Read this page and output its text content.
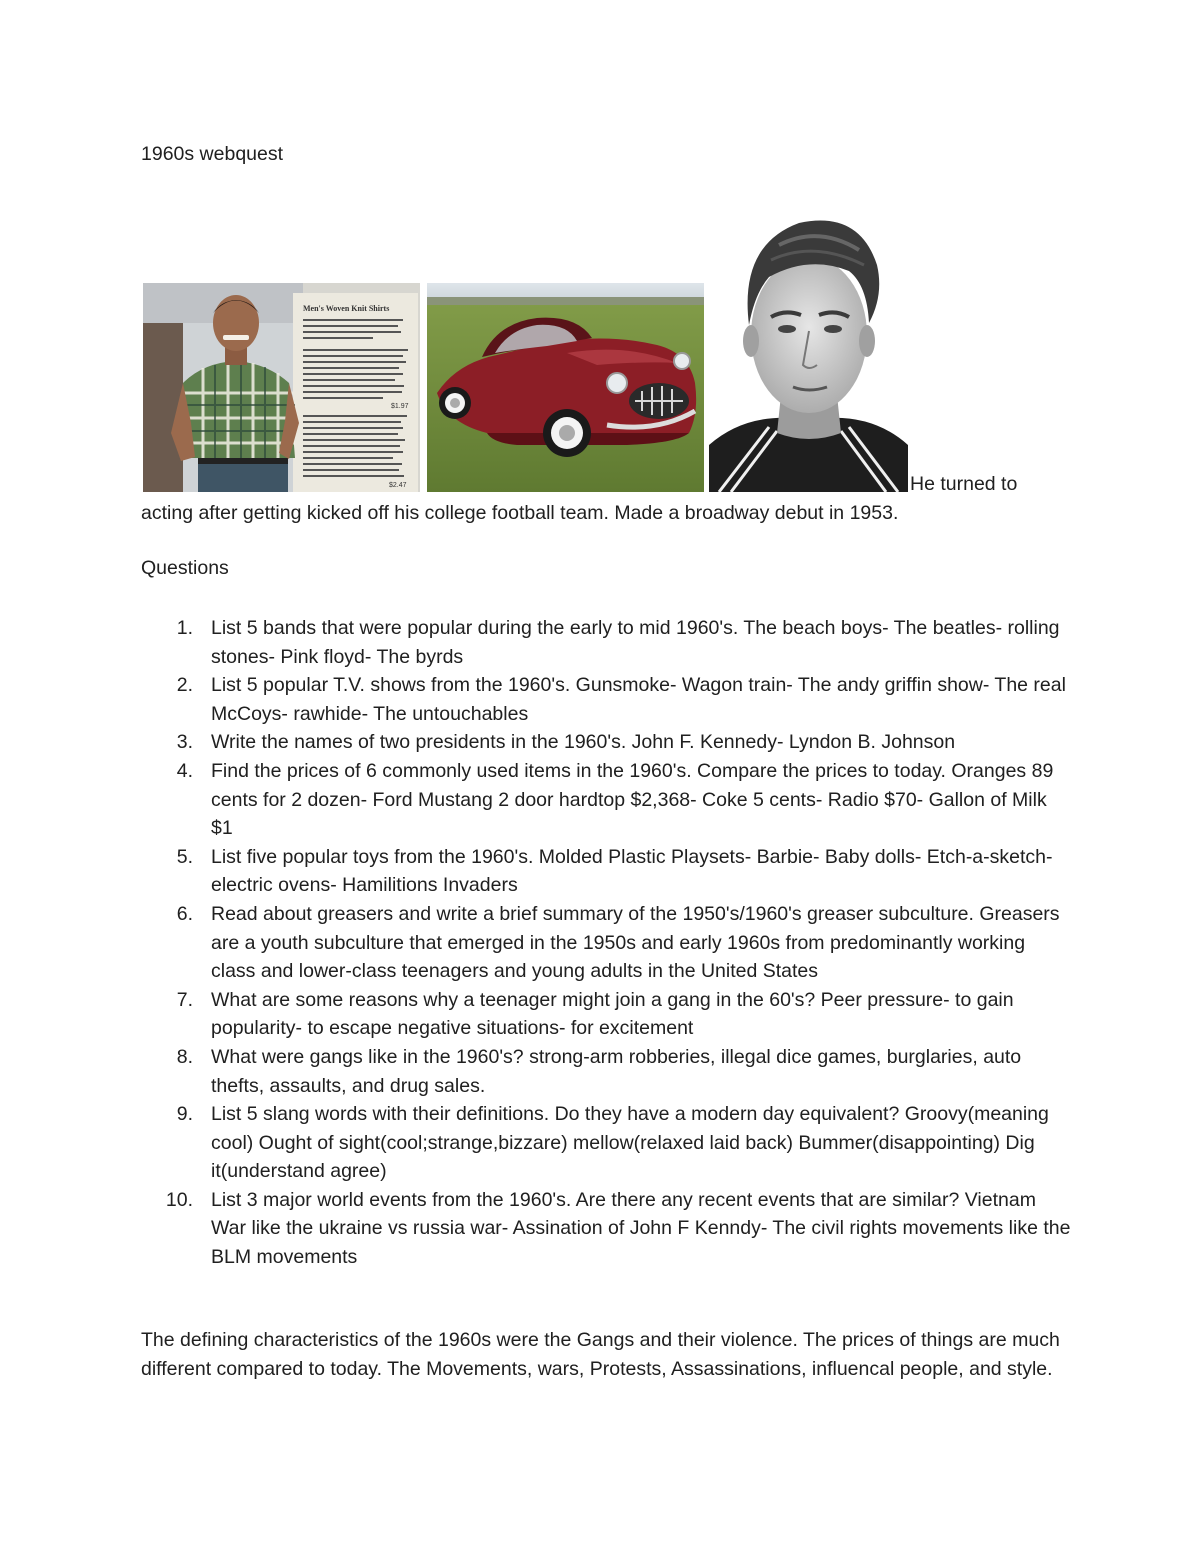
1960s webquest
Men's Woven Knit Shirts
$1.97
$2.47	He turned to
acting after getting kicked off his college football team. Made a broadway debut in 1953.
Questions
1. List 5 bands that were popular during the early to mid 1960's. The beach boys- The beatles- rolling stones- Pink floyd- The byrds
2. List 5 popular T.V. shows from the 1960's. Gunsmoke- Wagon train- The andy griffin show- The real McCoys- rawhide- The untouchables
3. Write the names of two presidents in the 1960's. John F. Kennedy- Lyndon B. Johnson
4. Find the prices of 6 commonly used items in the 1960's. Compare the prices to today. Oranges 89 cents for 2 dozen- Ford Mustang 2 door hardtop $2,368- Coke 5 cents- Radio $70- Gallon of Milk $1
5. List five popular toys from the 1960's. Molded Plastic Playsets- Barbie- Baby dolls- Etch-a-sketch- electric ovens- Hamilitions Invaders
6. Read about greasers and write a brief summary of the 1950's/1960's greaser subculture. Greasers are a youth subculture that emerged in the 1950s and early 1960s from predominantly working class and lower-class teenagers and young adults in the United States
7. What are some reasons why a teenager might join a gang in the 60's? Peer pressure- to gain popularity- to escape negative situations- for excitement
8. What were gangs like in the 1960's? strong-arm robberies, illegal dice games, burglaries, auto thefts, assaults, and drug sales.
9. List 5 slang words with their definitions. Do they have a modern day equivalent? Groovy(meaning cool) Ought of sight(cool;strange,bizzare) mellow(relaxed laid back) Bummer(disappointing) Dig it(understand agree)
10. List 3 major world events from the 1960's. Are there any recent events that are similar? Vietnam War like the ukraine vs russia war- Assination of John F Kenndy- The civil rights movements like the BLM movements

The defining characteristics of the 1960s were the Gangs and their violence. The prices of things are much different compared to today. The Movements, wars, Protests, Assassinations, influencal people, and style.
